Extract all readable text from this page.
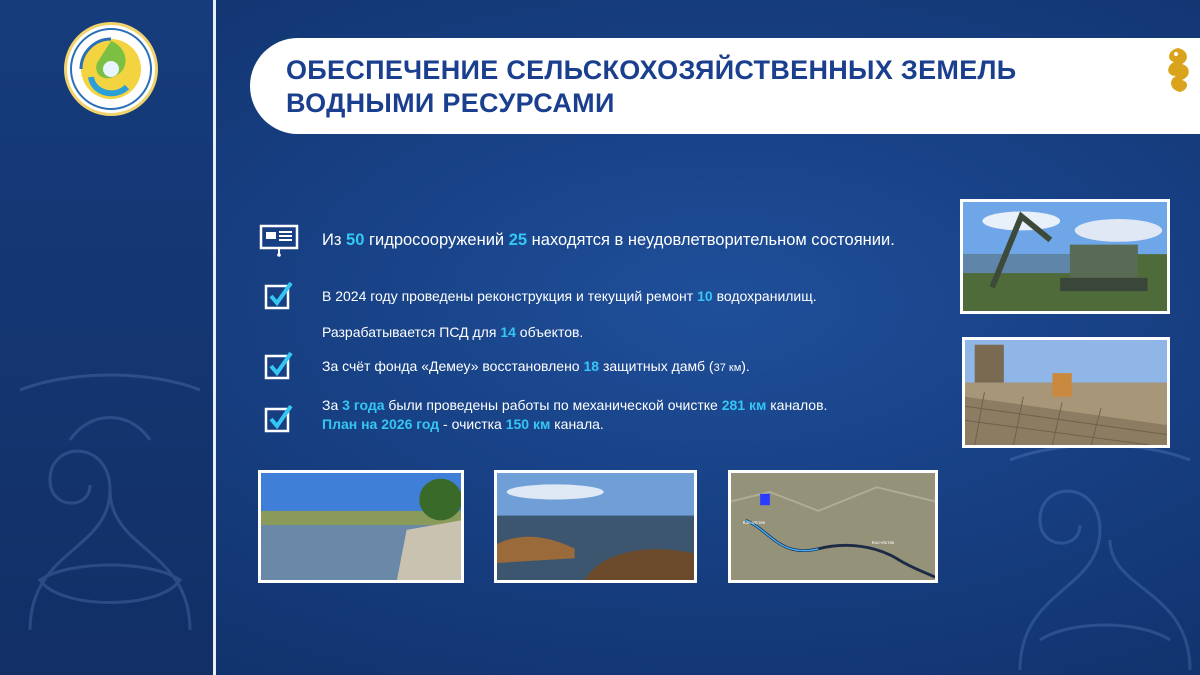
ОБЕСПЕЧЕНИЕ СЕЛЬСКОХОЗЯЙСТВЕННЫХ ЗЕМЕЛЬ
ВОДНЫМИ РЕСУРСАМИ
Из 50 гидросооружений 25 находятся в неудовлетворительном состоянии.
В 2024 году проведены реконструкция и текущий ремонт 10 водохранилищ.
Разрабатывается ПСД для 14 объектов.
За счёт фонда «Демеу» восстановлено 18 защитных дамб (37 км).
За 3 года были проведены работы по механической очистке 281 км каналов.
План на 2026 год - очистка 150 км канала.
Кос-Истек
Кос-Истек
